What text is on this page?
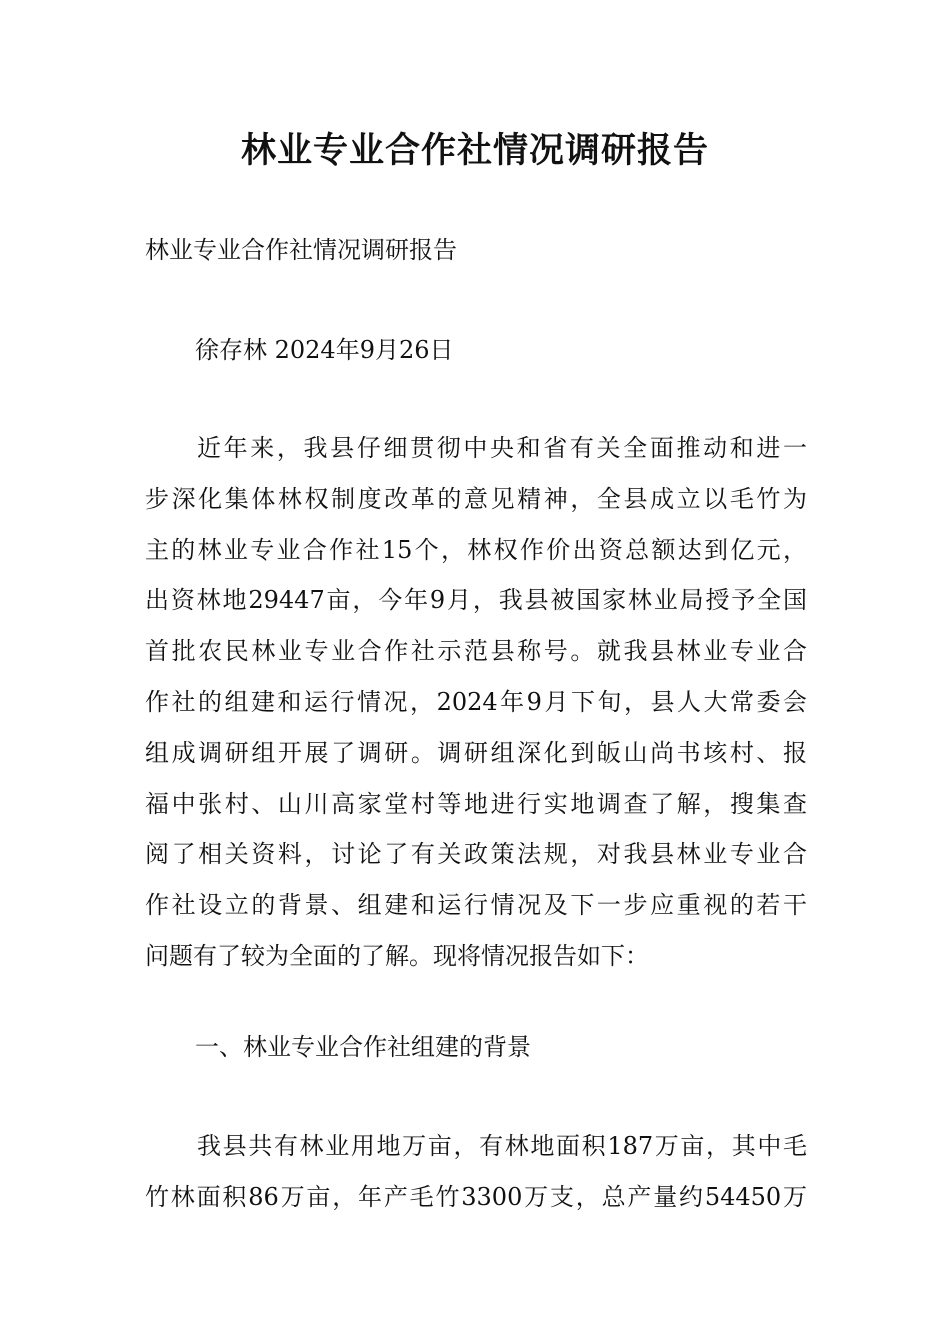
林业专业合作社情况调研报告

林业专业合作社情况调研报告

徐存林 2024年9月26日

近年来，我县仔细贯彻中央和省有关全面推动和进一
步深化集体林权制度改革的意见精神，全县成立以毛竹为
主的林业专业合作社15个，林权作价出资总额达到亿元，
出资林地29447亩，今年9月，我县被国家林业局授予全国
首批农民林业专业合作社示范县称号。就我县林业专业合
作社的组建和运行情况，2024年9月下旬，县人大常委会
组成调研组开展了调研。调研组深化到皈山尚书垓村、报
福中张村、山川高家堂村等地进行实地调查了解，搜集查
阅了相关资料，讨论了有关政策法规，对我县林业专业合
作社设立的背景、组建和运行情况及下一步应重视的若干
问题有了较为全面的了解。现将情况报告如下：

一、林业专业合作社组建的背景

我县共有林业用地万亩，有林地面积187万亩，其中毛
竹林面积86万亩，年产毛竹3300万支，总产量约54450万
